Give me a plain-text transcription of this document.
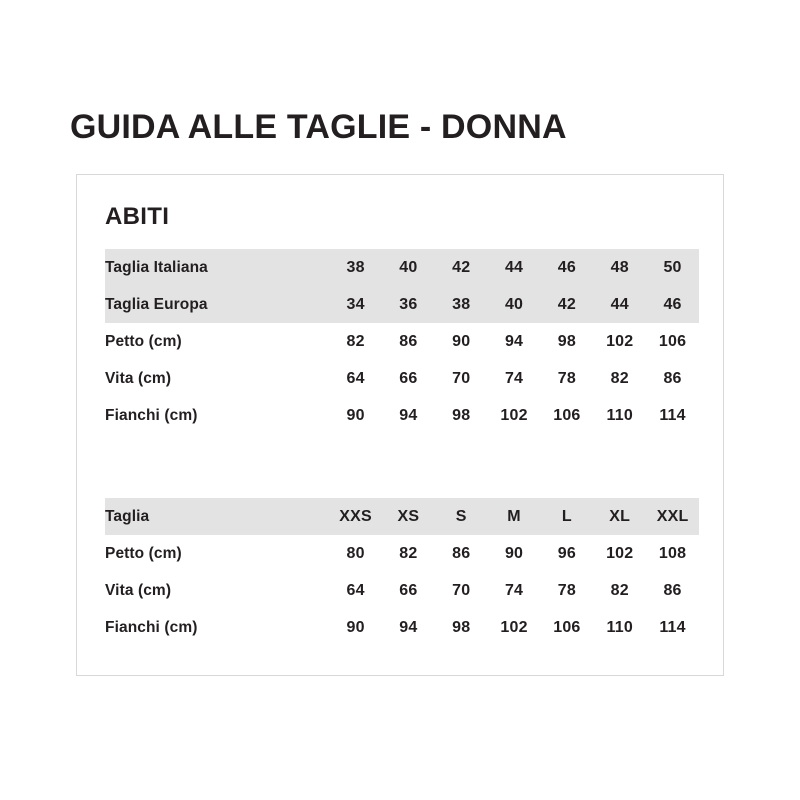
GUIDA ALLE TAGLIE - DONNA
ABITI
Taglia Italiana	38	40	42	44	46	48	50
Taglia Europa	34	36	38	40	42	44	46
Petto (cm)	82	86	90	94	98	102	106
Vita (cm)	64	66	70	74	78	82	86
Fianchi (cm)	90	94	98	102	106	110	114
Taglia	XXS	XS	S	M	L	XL	XXL
Petto (cm)	80	82	86	90	96	102	108
Vita (cm)	64	66	70	74	78	82	86
Fianchi (cm)	90	94	98	102	106	110	114
